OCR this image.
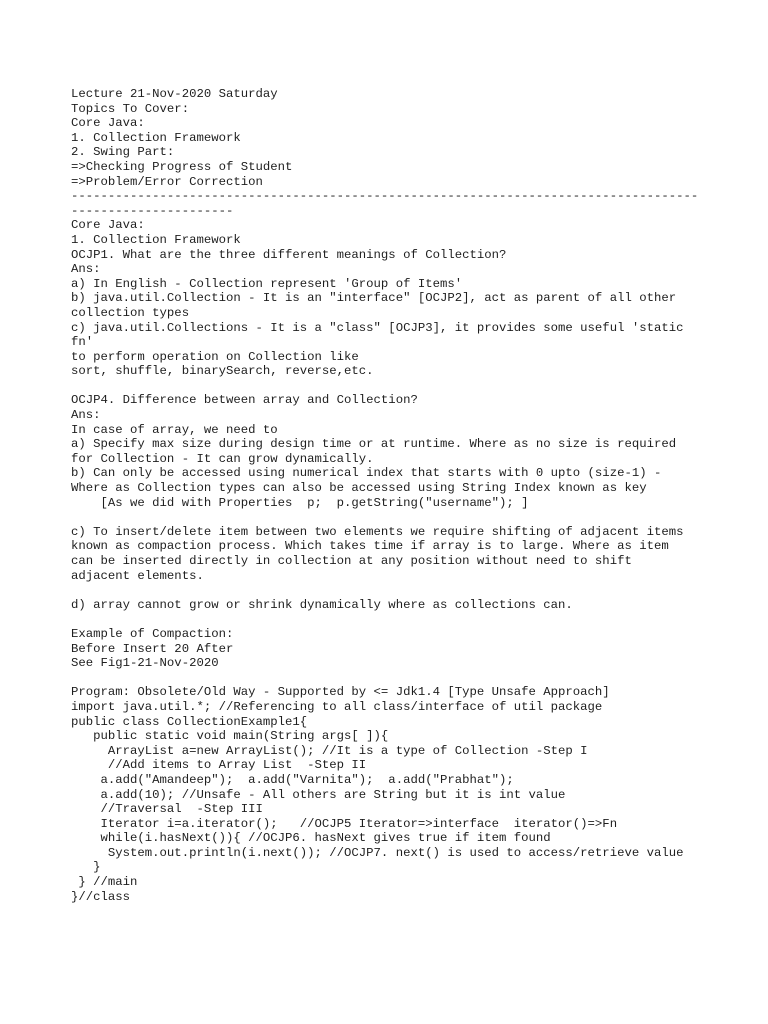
Lecture 21-Nov-2020 Saturday
Topics To Cover:
Core Java:
1. Collection Framework
2. Swing Part:
=>Checking Progress of Student
=>Problem/Error Correction
-------------------------------------------------------------------------------------
----------------------
Core Java:
1. Collection Framework
OCJP1. What are the three different meanings of Collection?
Ans:
a) In English - Collection represent 'Group of Items'
b) java.util.Collection - It is an "interface" [OCJP2], act as parent of all other
collection types
c) java.util.Collections - It is a "class" [OCJP3], it provides some useful 'static
fn'
to perform operation on Collection like
sort, shuffle, binarySearch, reverse,etc.
OCJP4. Difference between array and Collection?
Ans:
In case of array, we need to
a) Specify max size during design time or at runtime. Where as no size is required
for Collection - It can grow dynamically.
b) Can only be accessed using numerical index that starts with 0 upto (size-1) -
Where as Collection types can also be accessed using String Index known as key
[As we did with Properties  p;  p.getString("username"); ]
c) To insert/delete item between two elements we require shifting of adjacent items
known as compaction process. Which takes time if array is to large. Where as item
can be inserted directly in collection at any position without need to shift
adjacent elements.
d) array cannot grow or shrink dynamically where as collections can.
Example of Compaction:
Before Insert 20 After
See Fig1-21-Nov-2020
Program: Obsolete/Old Way - Supported by <= Jdk1.4 [Type Unsafe Approach]
import java.util.*; //Referencing to all class/interface of util package
public class CollectionExample1{
public static void main(String args[ ]){
ArrayList a=new ArrayList(); //It is a type of Collection -Step I
//Add items to Array List  -Step II
a.add("Amandeep");  a.add("Varnita");  a.add("Prabhat");
a.add(10); //Unsafe - All others are String but it is int value
//Traversal  -Step III
Iterator i=a.iterator();   //OCJP5 Iterator=>interface  iterator()=>Fn
while(i.hasNext()){ //OCJP6. hasNext gives true if item found
System.out.println(i.next()); //OCJP7. next() is used to access/retrieve value
}
} //main
}//class
